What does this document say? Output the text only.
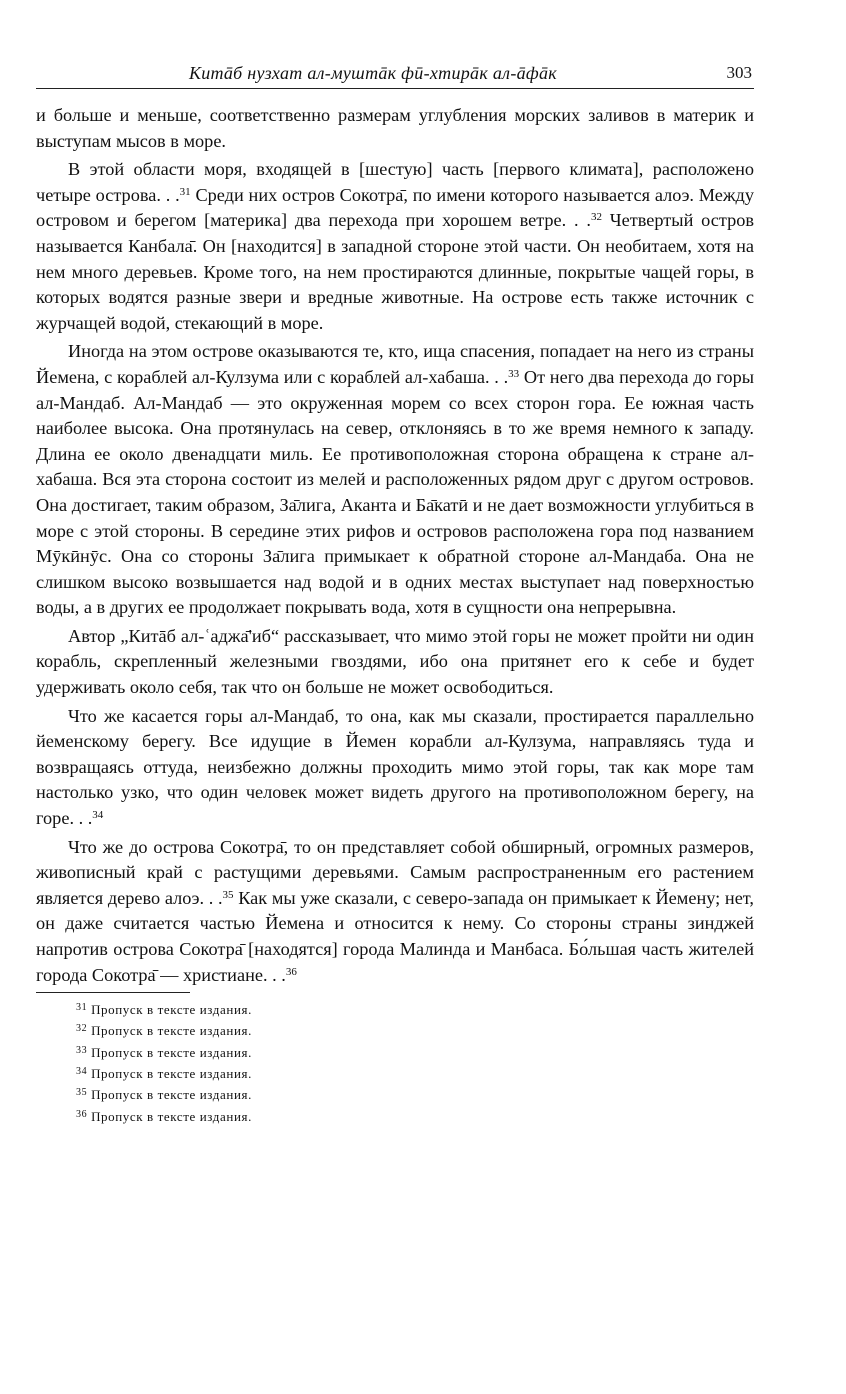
Китāб нузхат ал-муштāк фӣ-хтирāк ал-āфāк	303

и больше и меньше, соответственно размерам углубления морских заливов в материк и выступам мысов в море.

В этой области моря, входящей в [шестую] часть [первого климата], расположено четыре острова. . .$^{31}$ Среди них остров Сокотра̄, по имени которого называется алоэ. Между островом и берегом [материка] два перехода при хорошем ветре. . .$^{32}$ Четвертый остров называется Канбала̄. Он [находится] в западной стороне этой части. Он необитаем, хотя на нем много деревьев. Кроме того, на нем простираются длинные, покрытые чащей горы, в которых водятся разные звери и вредные животные. На острове есть также источник с журчащей водой, стекающий в море.

Иногда на этом острове оказываются те, кто, ища спасения, попадает на него из страны Йемена, с кораблей ал-Кулзума или с кораблей ал-хабаша. . .$^{33}$ От него два перехода до горы ал-Мандаб. Ал-Мандаб — это окруженная морем со всех сторон гора. Ее южная часть наиболее высока. Она протянулась на север, отклоняясь в то же время немного к западу. Длина ее около двенадцати миль. Ее противоположная сторона обращена к стране ал-хабаша. Вся эта сторона состоит из мелей и расположенных рядом друг с другом островов. Она достигает, таким образом, За̄лига, Аканта и Ба̄катӣ и не дает возможности углубиться в море с этой стороны. В середине этих рифов и островов расположена гора под названием Мӯкӣнӯс. Она со стороны За̄лига примыкает к обратной стороне ал-Мандаба. Она не слишком высоко возвышается над водой и в одних местах выступает над поверхностью воды, а в других ее продолжает покрывать вода, хотя в сущности она непрерывна.

Автор „Китāб ал-ʿаджа̄'иб“ рассказывает, что мимо этой горы не может пройти ни один корабль, скрепленный железными гвоздями, ибо она притянет его к себе и будет удерживать около себя, так что он больше не может освободиться.

Что же касается горы ал-Мандаб, то она, как мы сказали, простирается параллельно йеменскому берегу. Все идущие в Йемен корабли ал-Кулзума, направляясь туда и возвращаясь оттуда, неизбежно должны проходить мимо этой горы, так как море там настолько узко, что один человек может видеть другого на противоположном берегу, на горе. . .$^{34}$

Что же до острова Сокотра̄, то он представляет собой обширный, огромных размеров, живописный край с растущими деревьями. Самым распространенным его растением является дерево алоэ. . .$^{35}$ Как мы уже сказали, с северо-запада он примыкает к Йемену; нет, он даже считается частью Йемена и относится к нему. Со стороны страны зинджей напротив острова Сокотра̄ [находятся] города Малинда и Манбаса. Бо́льшая часть жителей города Сокотра̄ — христиане. . .$^{36}$

$^{31}$ Пропуск в тексте издания.
$^{32}$ Пропуск в тексте издания.
$^{33}$ Пропуск в тексте издания.
$^{34}$ Пропуск в тексте издания.
$^{35}$ Пропуск в тексте издания.
$^{36}$ Пропуск в тексте издания.
